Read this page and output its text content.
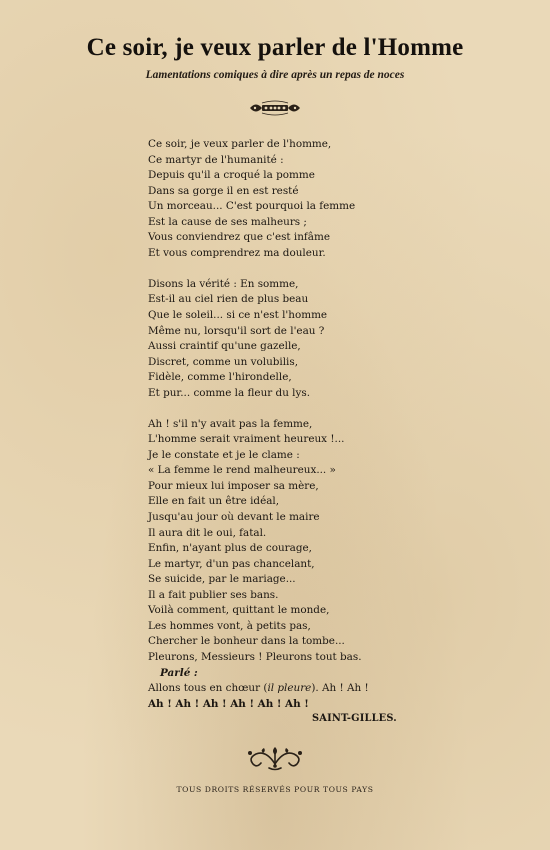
Ce soir, je veux parler de l'Homme
Lamentations comiques à dire après un repas de noces
Ce soir, je veux parler de l'homme,
Ce martyr de l'humanité :
Depuis qu'il a croqué la pomme
Dans sa gorge il en est resté
Un morceau... C'est pourquoi la femme
Est la cause de ses malheurs ;
Vous conviendrez que c'est infâme
Et vous comprendrez ma douleur.
Disons la vérité : En somme,
Est-il au ciel rien de plus beau
Que le soleil... si ce n'est l'homme
Même nu, lorsqu'il sort de l'eau ?
Aussi craintif qu'une gazelle,
Discret, comme un volubilis,
Fidèle, comme l'hirondelle,
Et pur... comme la fleur du lys.
Ah ! s'il n'y avait pas la femme,
L'homme serait vraiment heureux !...
Je le constate et je le clame :
« La femme le rend malheureux... »
Pour mieux lui imposer sa mère,
Elle en fait un être idéal,
Jusqu'au jour où devant le maire
Il aura dit le oui, fatal.
Enfin, n'ayant plus de courage,
Le martyr, d'un pas chancelant,
Se suicide, par le mariage...
Il a fait publier ses bans.
Voilà comment, quittant le monde,
Les hommes vont, à petits pas,
Chercher le bonheur dans la tombe...
Pleurons, Messieurs ! Pleurons tout bas.
Parlé :
Allons tous en chœur (il pleure). Ah ! Ah !
Ah ! Ah ! Ah ! Ah ! Ah ! Ah !
SAINT-GILLES.
TOUS DROITS RÉSERVÉS POUR TOUS PAYS
